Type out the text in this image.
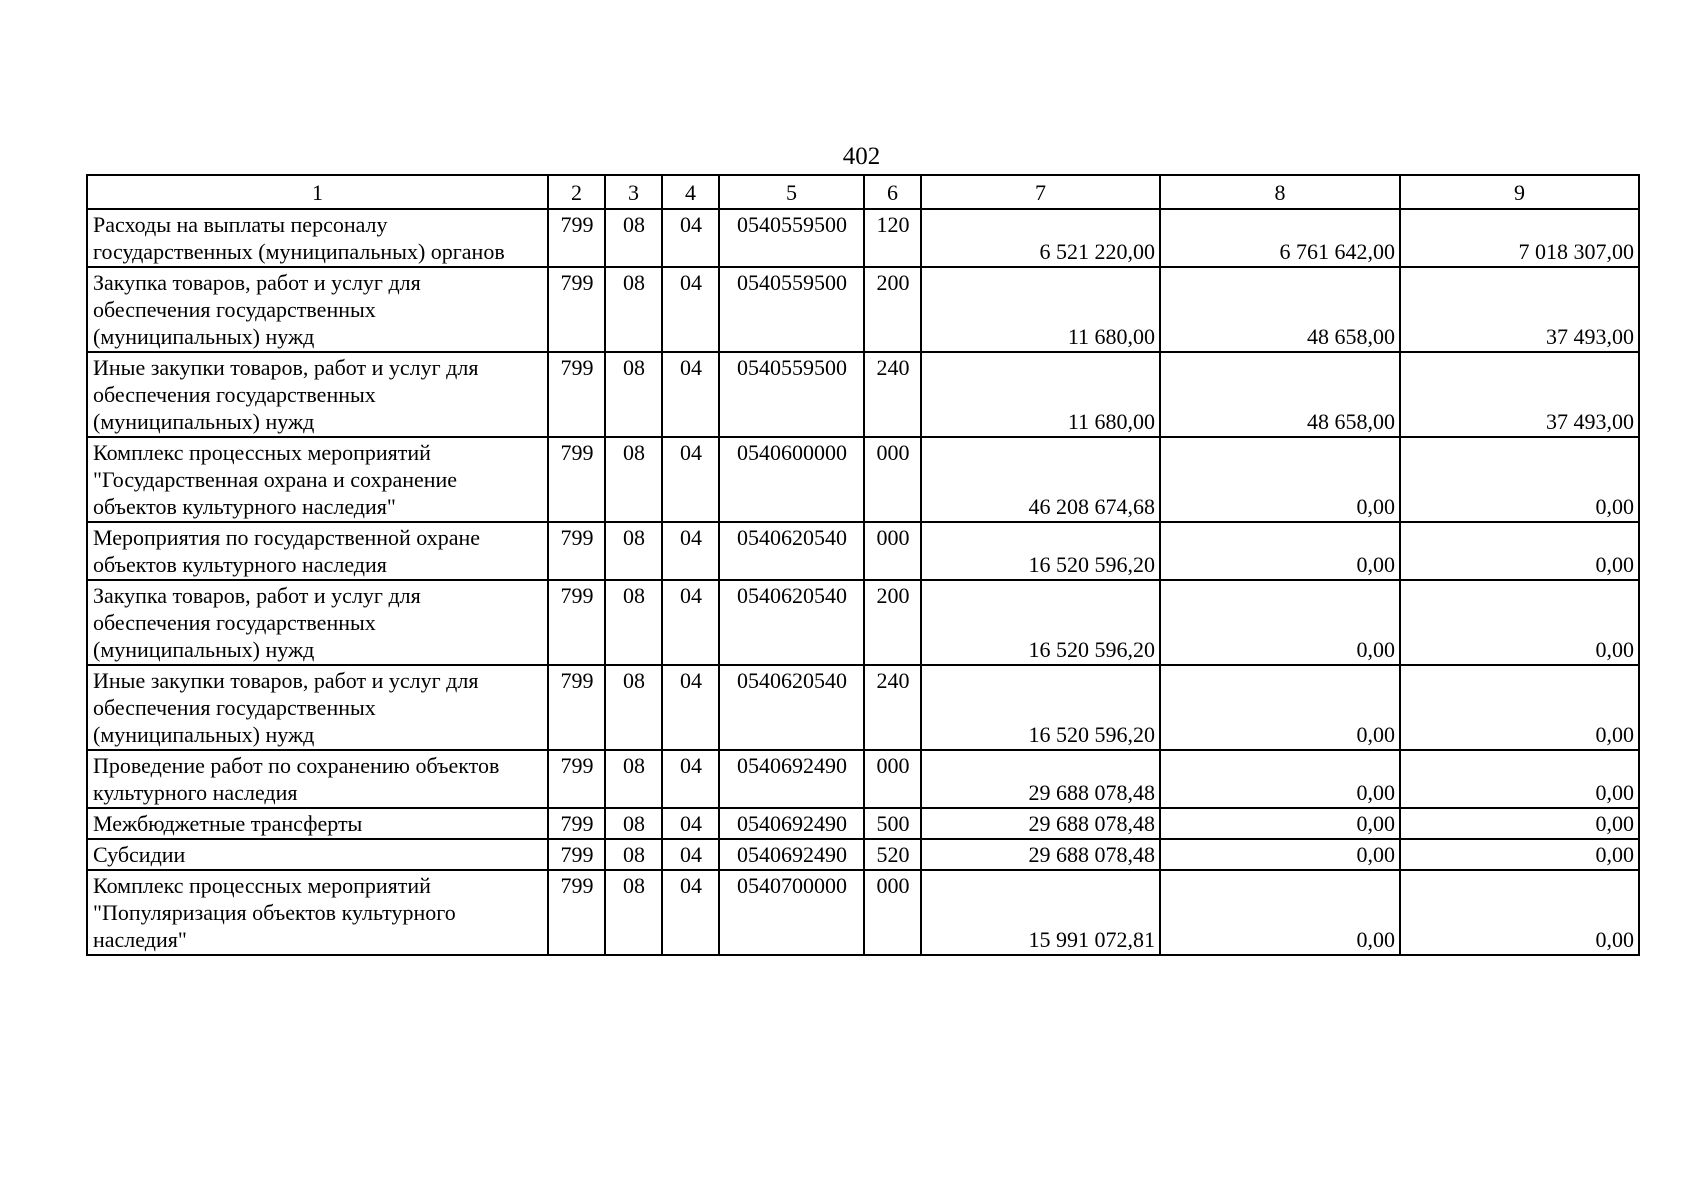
402
1	2	3	4	5	6	7	8	9
Расходы на выплаты персоналу государственных (муниципальных) органов	799	08	04	0540559500	120	6 521 220,00	6 761 642,00	7 018 307,00
Закупка товаров, работ и услуг для обеспечения государственных (муниципальных) нужд	799	08	04	0540559500	200	11 680,00	48 658,00	37 493,00
Иные закупки товаров, работ и услуг для обеспечения государственных (муниципальных) нужд	799	08	04	0540559500	240	11 680,00	48 658,00	37 493,00
Комплекс процессных мероприятий "Государственная охрана и сохранение объектов культурного наследия"	799	08	04	0540600000	000	46 208 674,68	0,00	0,00
Мероприятия по государственной охране объектов культурного наследия	799	08	04	0540620540	000	16 520 596,20	0,00	0,00
Закупка товаров, работ и услуг для обеспечения государственных (муниципальных) нужд	799	08	04	0540620540	200	16 520 596,20	0,00	0,00
Иные закупки товаров, работ и услуг для обеспечения государственных (муниципальных) нужд	799	08	04	0540620540	240	16 520 596,20	0,00	0,00
Проведение работ по сохранению объектов культурного наследия	799	08	04	0540692490	000	29 688 078,48	0,00	0,00
Межбюджетные трансферты	799	08	04	0540692490	500	29 688 078,48	0,00	0,00
Субсидии	799	08	04	0540692490	520	29 688 078,48	0,00	0,00
Комплекс процессных мероприятий "Популяризация объектов культурного наследия"	799	08	04	0540700000	000	15 991 072,81	0,00	0,00
